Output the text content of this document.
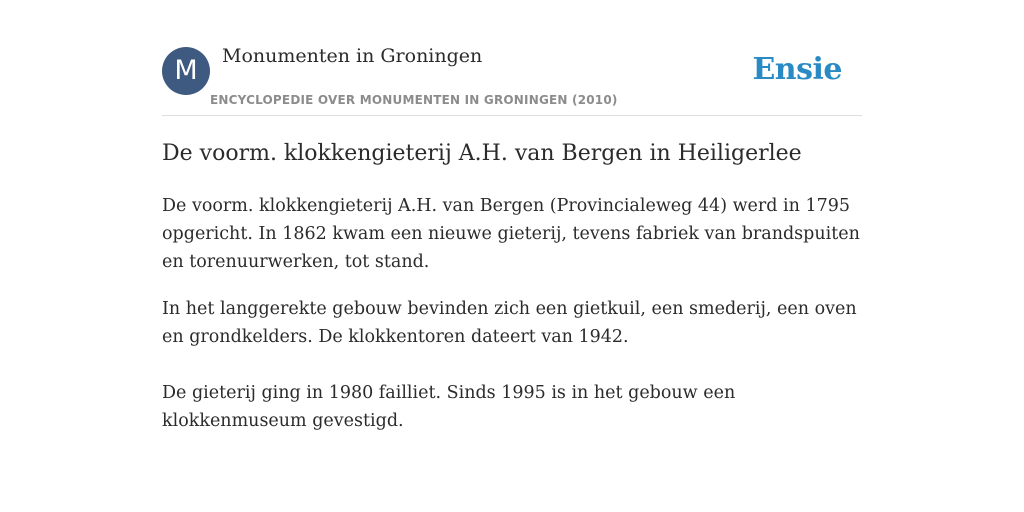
M	Monumenten in Groningen
ENCYCLOPEDIE OVER MONUMENTEN IN GRONINGEN (2010)
Ensie
De voorm. klokkengieterij A.H. van Bergen in Heiligerlee

De voorm. klokkengieterij A.H. van Bergen (Provincialeweg 44) werd in 1795 opgericht. In 1862 kwam een nieuwe gieterij, tevens fabriek van brandspuiten en torenuurwerken, tot stand.

In het langgerekte gebouw bevinden zich een gietkuil, een smederij, een oven en grondkelders. De klokkentoren dateert van 1942.

De gieterij ging in 1980 failliet. Sinds 1995 is in het gebouw een klokkenmuseum gevestigd.
